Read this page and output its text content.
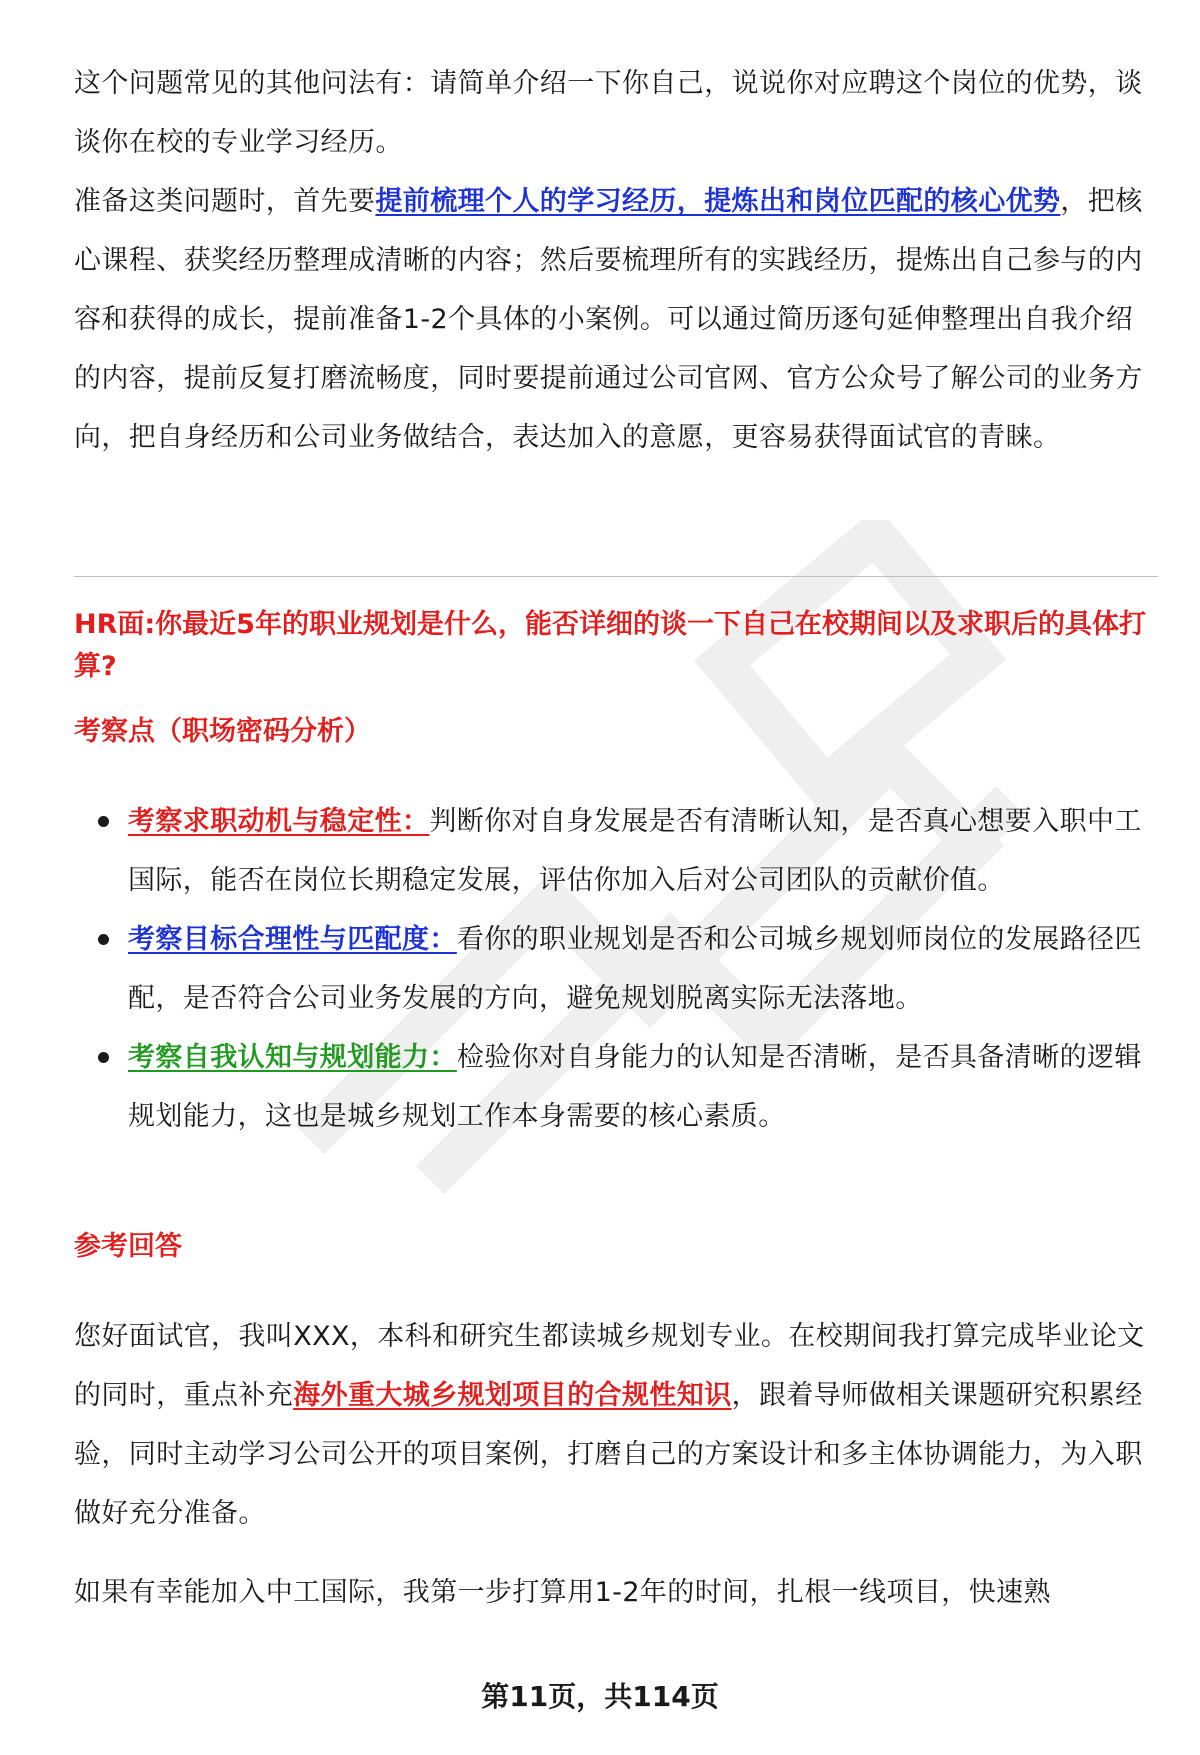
这个问题常见的其他问法有：请简单介绍一下你自己，说说你对应聘这个岗位的优势，谈谈你在校的专业学习经历。

准备这类问题时，首先要提前梳理个人的学习经历，提炼出和岗位匹配的核心优势，把核心课程、获奖经历整理成清晰的内容；然后要梳理所有的实践经历，提炼出自己参与的内容和获得的成长，提前准备1-2个具体的小案例。可以通过简历逐句延伸整理出自我介绍的内容，提前反复打磨流畅度，同时要提前通过公司官网、官方公众号了解公司的业务方向，把自身经历和公司业务做结合，表达加入的意愿，更容易获得面试官的青睐。

HR面:你最近5年的职业规划是什么，能否详细的谈一下自己在校期间以及求职后的具体打算?
考察点（职场密码分析）
考察求职动机与稳定性：判断你对自身发展是否有清晰认知，是否真心想要入职中工国际，能否在岗位长期稳定发展，评估你加入后对公司团队的贡献价值。
考察目标合理性与匹配度：看你的职业规划是否和公司城乡规划师岗位的发展路径匹配，是否符合公司业务发展的方向，避免规划脱离实际无法落地。
考察自我认知与规划能力：检验你对自身能力的认知是否清晰，是否具备清晰的逻辑规划能力，这也是城乡规划工作本身需要的核心素质。
参考回答

您好面试官，我叫XXX，本科和研究生都读城乡规划专业。在校期间我打算完成毕业论文的同时，重点补充海外重大城乡规划项目的合规性知识，跟着导师做相关课题研究积累经验，同时主动学习公司公开的项目案例，打磨自己的方案设计和多主体协调能力，为入职做好充分准备。

如果有幸能加入中工国际，我第一步打算用1-2年的时间，扎根一线项目，快速熟

第11页，共114页
